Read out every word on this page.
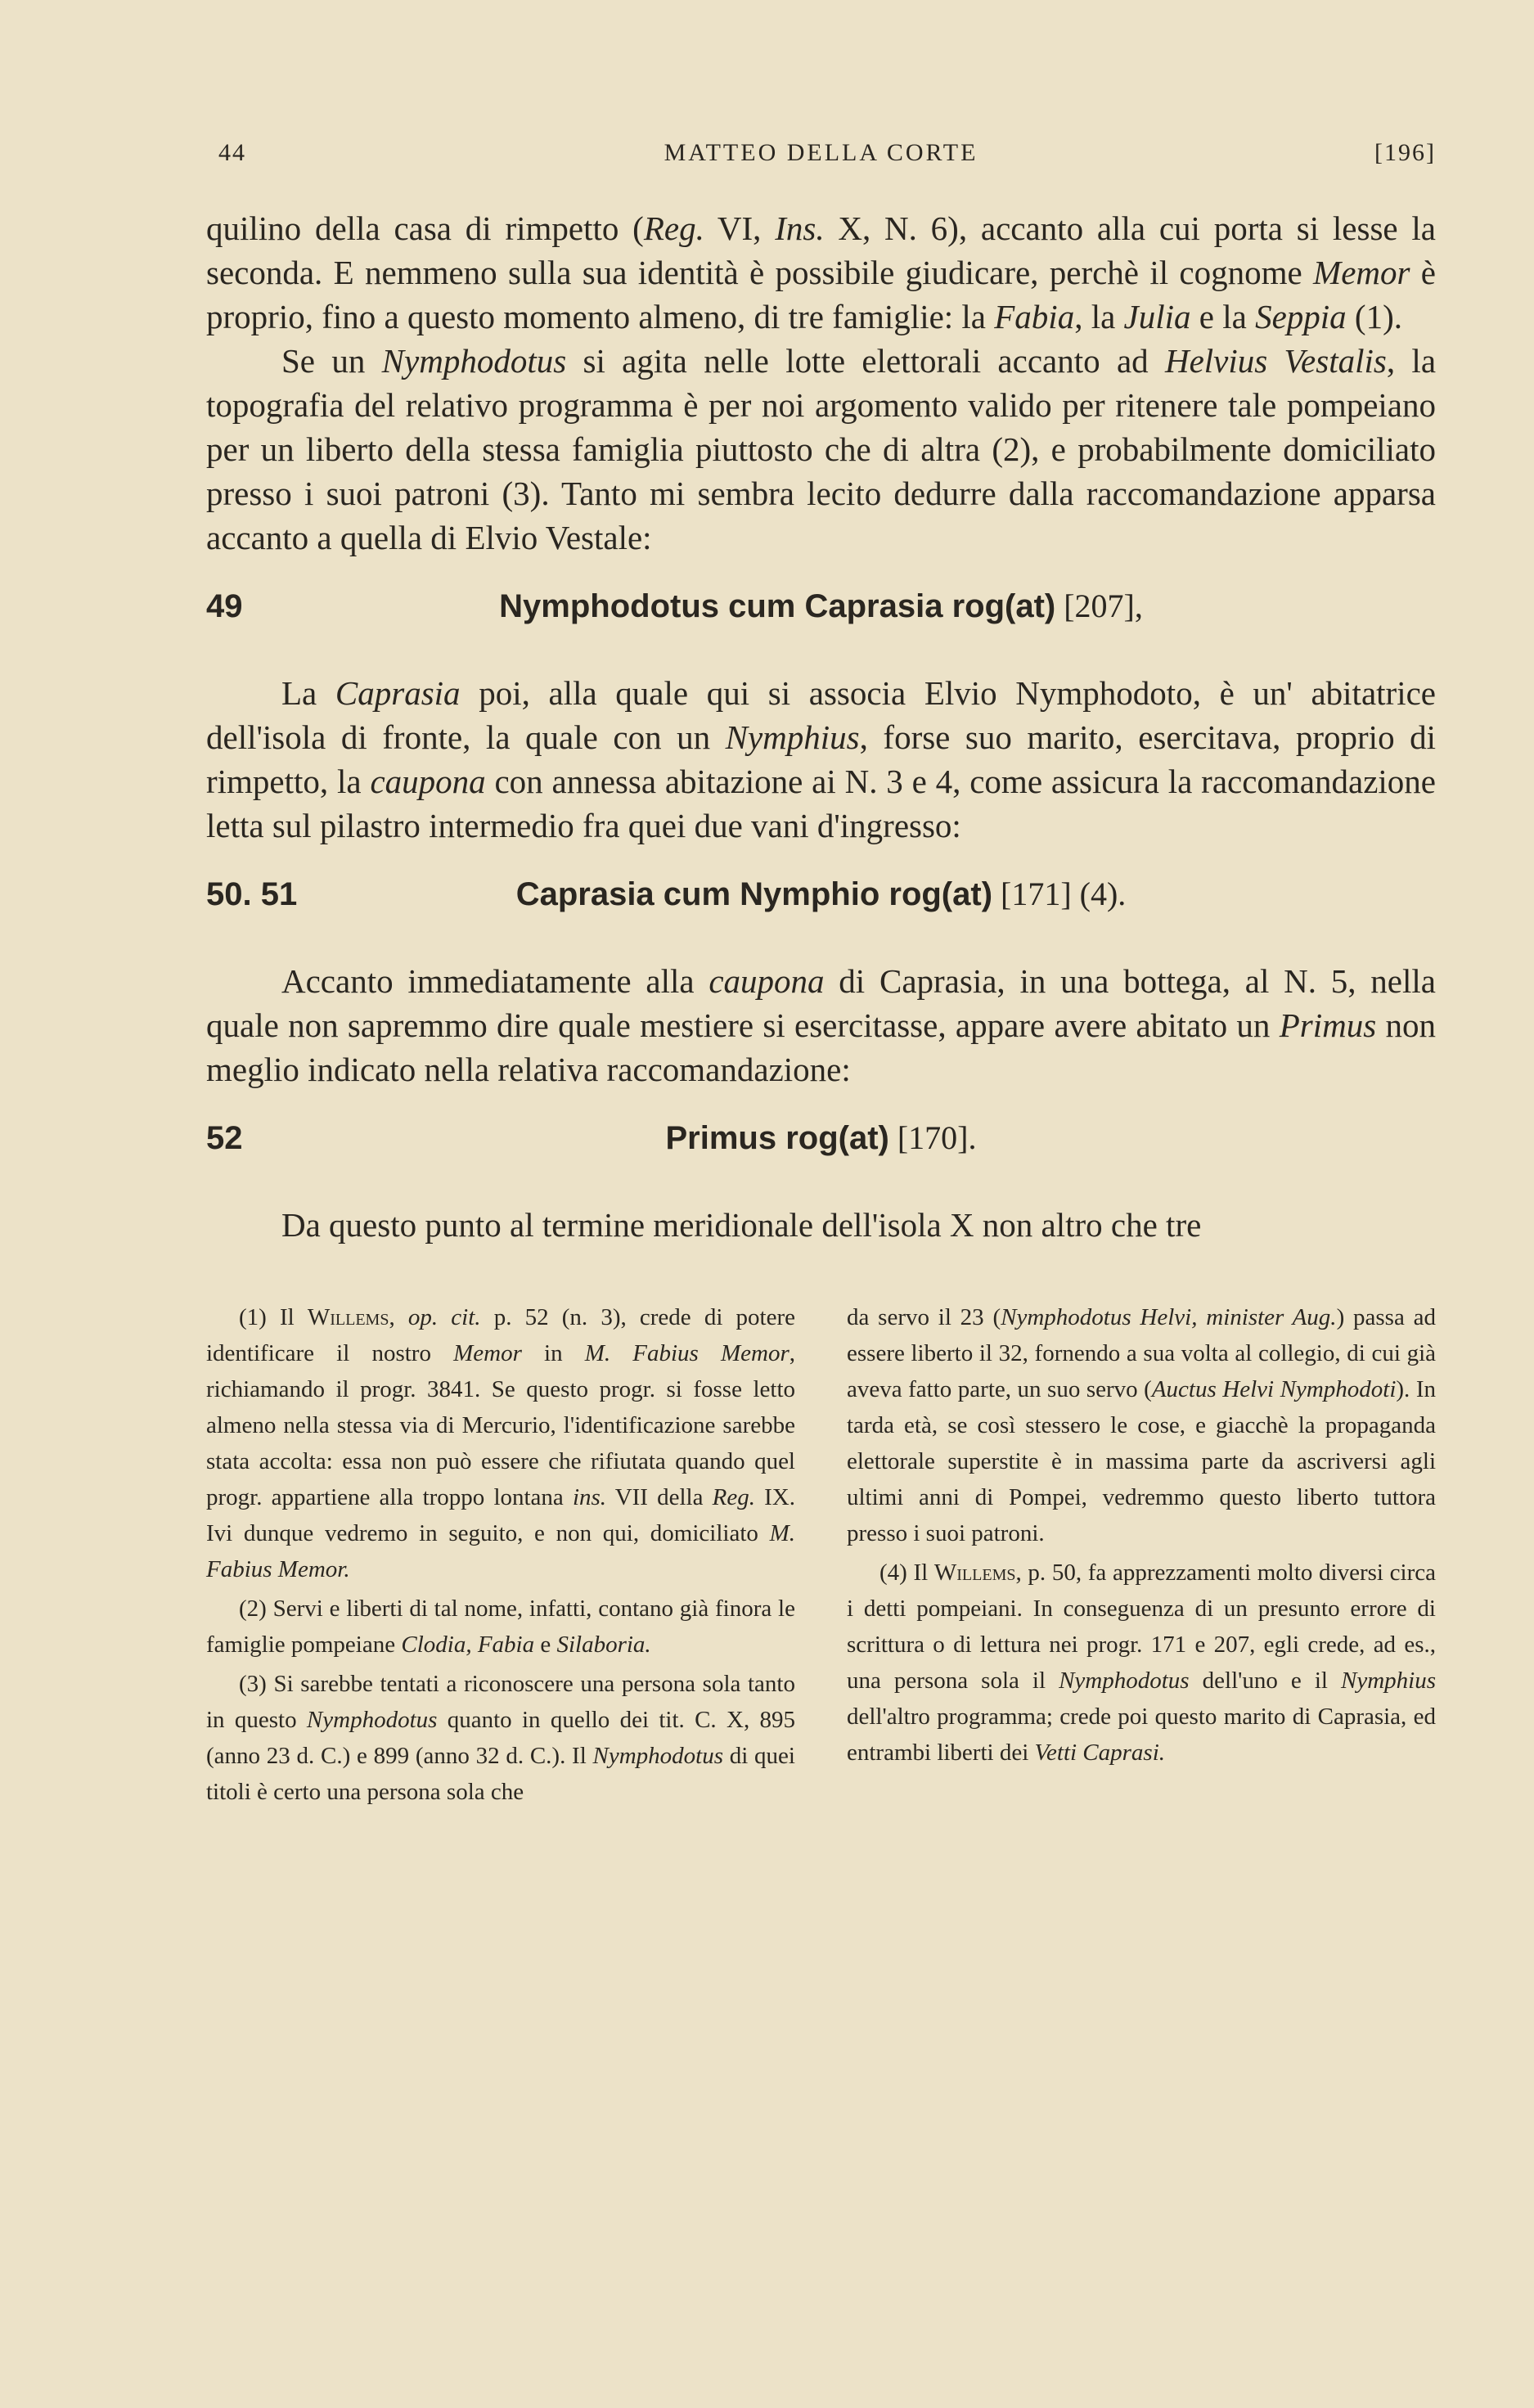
44	MATTEO DELLA CORTE	[196]

quilino della casa di rimpetto (Reg. VI, Ins. X, N. 6), accanto alla cui porta si lesse la seconda. E nemmeno sulla sua identità è possibile giudicare, perchè il cognome Memor è proprio, fino a questo momento almeno, di tre famiglie: la Fabia, la Julia e la Seppia (1).

Se un Nymphodotus si agita nelle lotte elettorali accanto ad Helvius Vestalis, la topografia del relativo programma è per noi argomento valido per ritenere tale pompeiano per un liberto della stessa famiglia piuttosto che di altra (2), e probabilmente domiciliato presso i suoi patroni (3). Tanto mi sembra lecito dedurre dalla raccomandazione apparsa accanto a quella di Elvio Vestale:

49	Nymphodotus cum Caprasia rog(at) [207],

La Caprasia poi, alla quale qui si associa Elvio Nymphodoto, è un' abitatrice dell'isola di fronte, la quale con un Nymphius, forse suo marito, esercitava, proprio di rimpetto, la caupona con annessa abitazione ai N. 3 e 4, come assicura la raccomandazione letta sul pilastro intermedio fra quei due vani d'ingresso:

50. 51	Caprasia cum Nymphio rog(at) [171] (4).

Accanto immediatamente alla caupona di Caprasia, in una bottega, al N. 5, nella quale non sapremmo dire quale mestiere si esercitasse, appare avere abitato un Primus non meglio indicato nella relativa raccomandazione:

52	Primus rog(at) [170].

Da questo punto al termine meridionale dell'isola X non altro che tre

(1) Il Willems, op. cit. p. 52 (n. 3), crede di potere identificare il nostro Memor in M. Fabius Memor, richiamando il progr. 3841. Se questo progr. si fosse letto almeno nella stessa via di Mercurio, l'identificazione sarebbe stata accolta: essa non può essere che rifiutata quando quel progr. appartiene alla troppo lontana ins. VII della Reg. IX. Ivi dunque vedremo in seguito, e non qui, domiciliato M. Fabius Memor.

(2) Servi e liberti di tal nome, infatti, contano già finora le famiglie pompeiane Clodia, Fabia e Silaboria.

(3) Si sarebbe tentati a riconoscere una persona sola tanto in questo Nymphodotus quanto in quello dei tit. C. X, 895 (anno 23 d. C.) e 899 (anno 32 d. C.). Il Nymphodotus di quei titoli è certo una persona sola che

da servo il 23 (Nymphodotus Helvi, minister Aug.) passa ad essere liberto il 32, fornendo a sua volta al collegio, di cui già aveva fatto parte, un suo servo (Auctus Helvi Nymphodoti). In tarda età, se così stessero le cose, e giacchè la propaganda elettorale superstite è in massima parte da ascriversi agli ultimi anni di Pompei, vedremmo questo liberto tuttora presso i suoi patroni.

(4) Il Willems, p. 50, fa apprezzamenti molto diversi circa i detti pompeiani. In conseguenza di un presunto errore di scrittura o di lettura nei progr. 171 e 207, egli crede, ad es., una persona sola il Nymphodotus dell'uno e il Nymphius dell'altro programma; crede poi questo marito di Caprasia, ed entrambi liberti dei Vetti Caprasi.
